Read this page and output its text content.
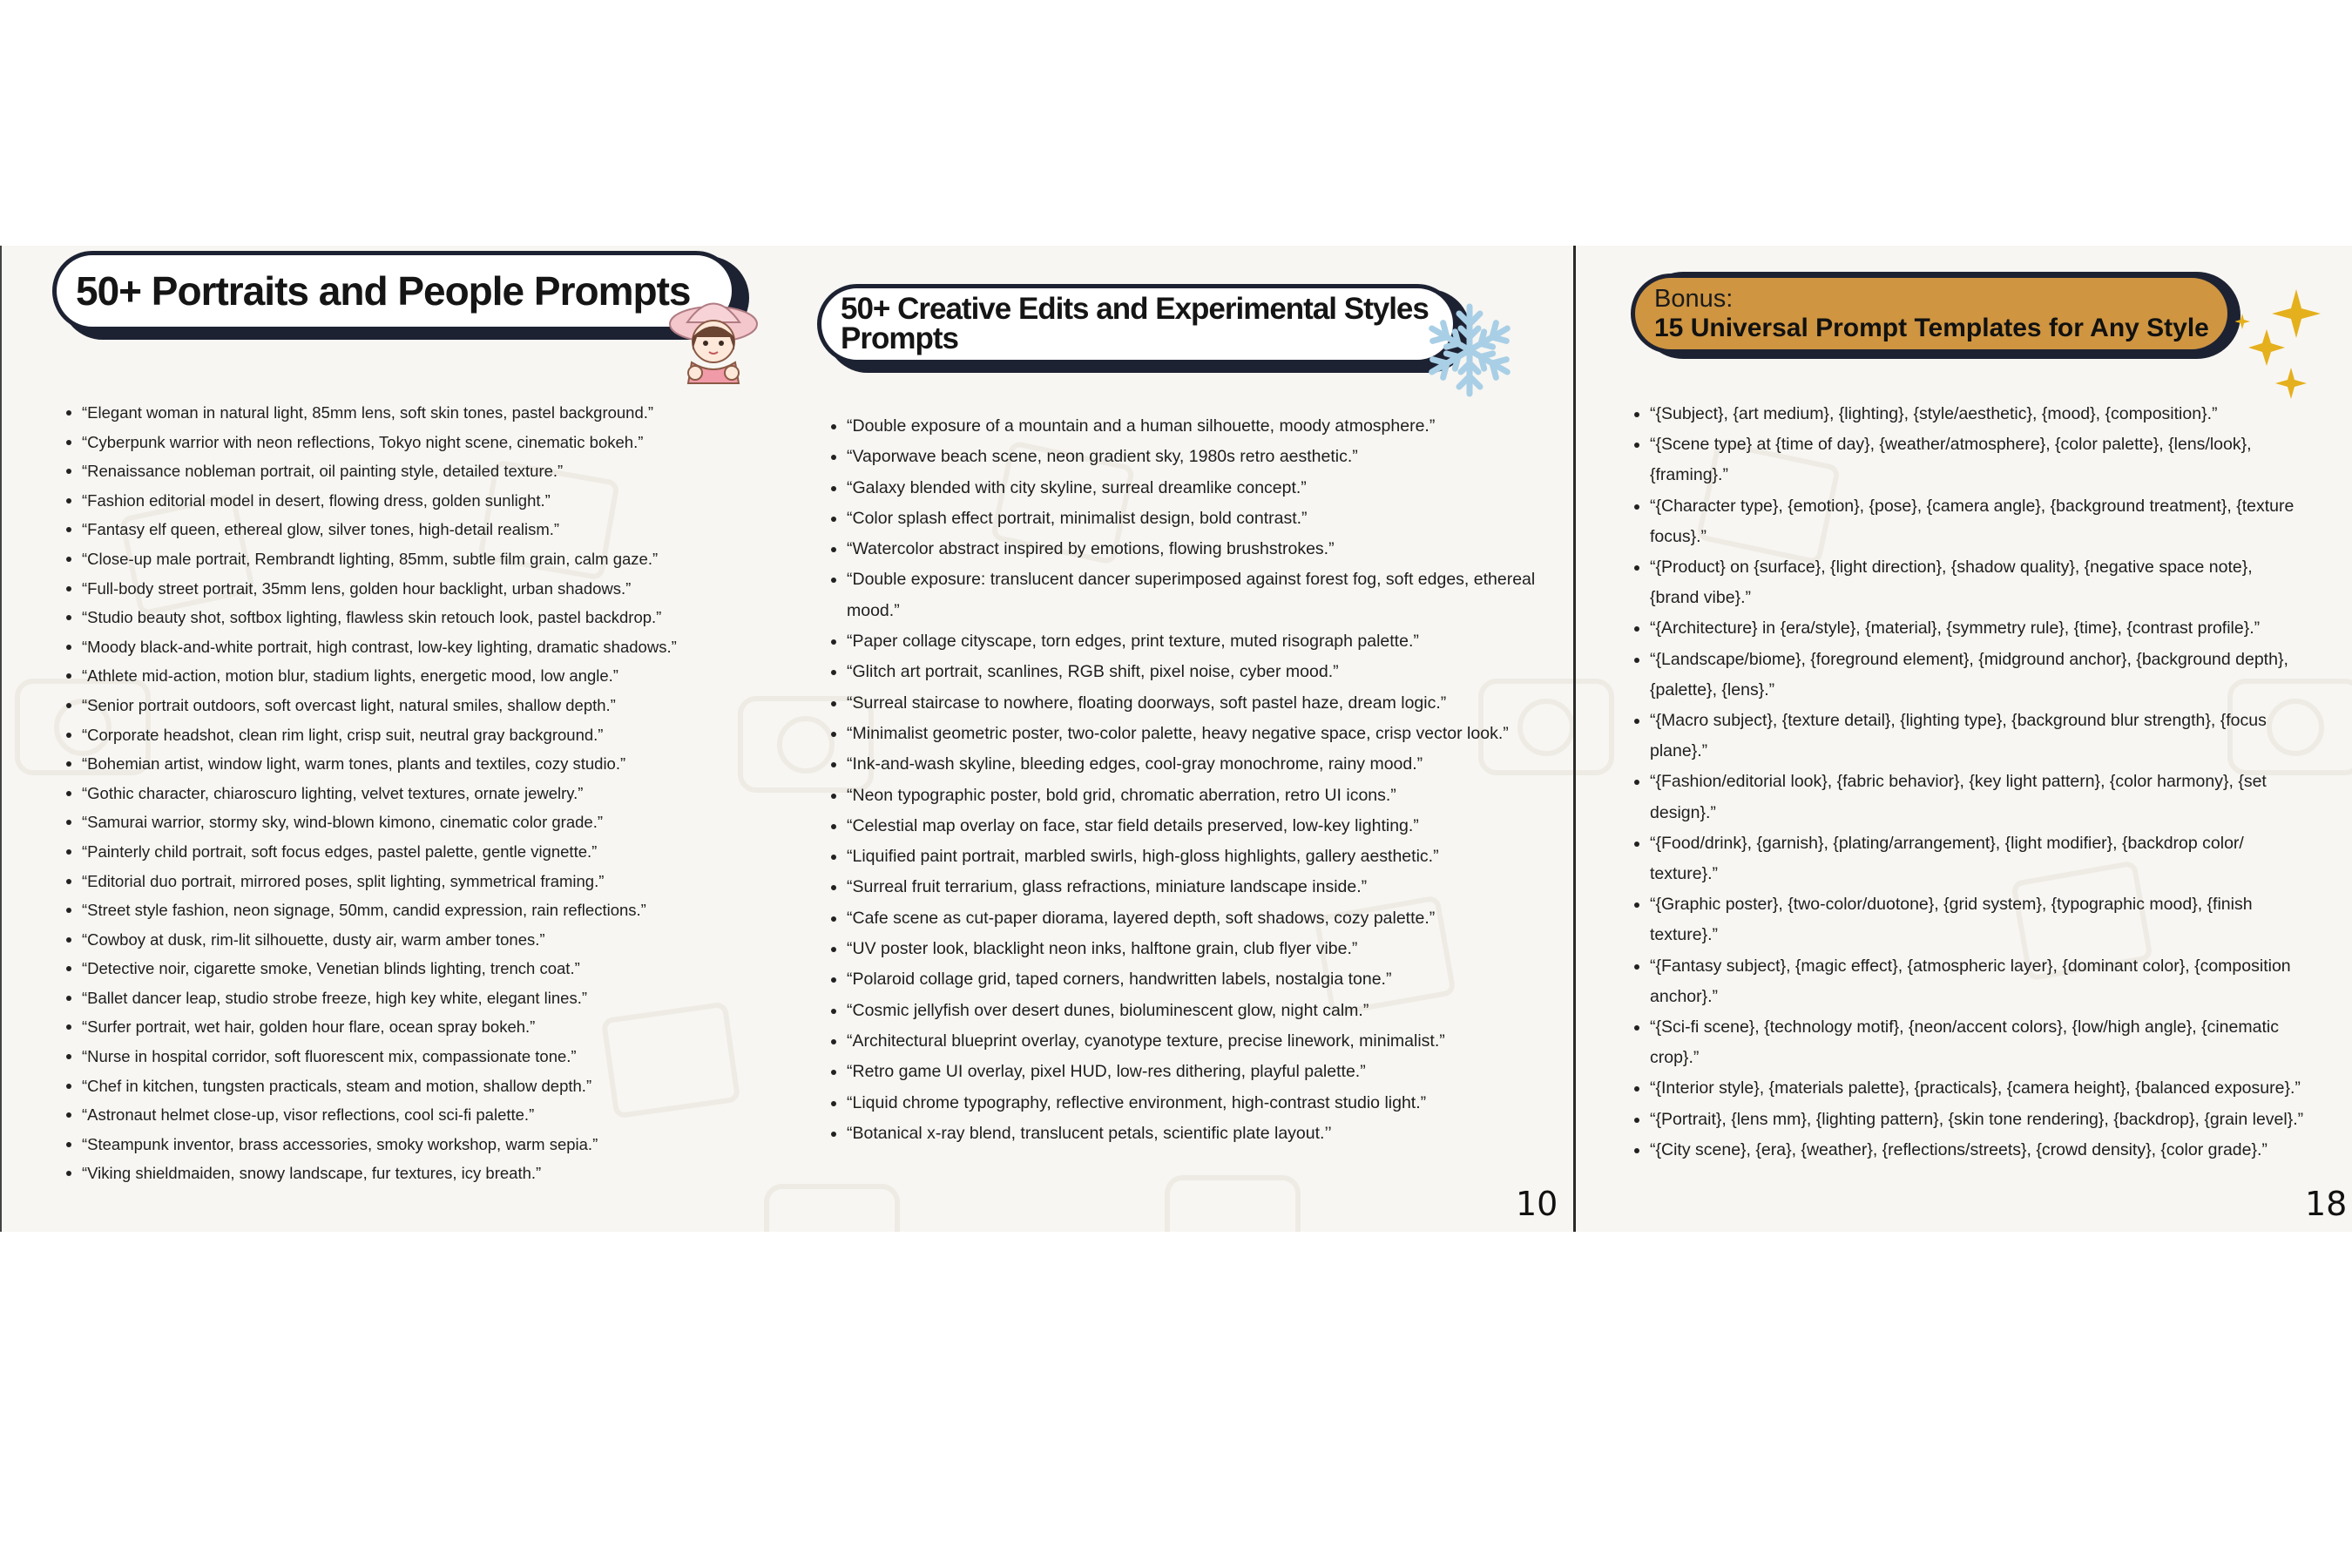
50+ Portraits and People Prompts
“Elegant woman in natural light, 85mm lens, soft skin tones, pastel background.”
“Cyberpunk warrior with neon reflections, Tokyo night scene, cinematic bokeh.”
“Renaissance nobleman portrait, oil painting style, detailed texture.”
“Fashion editorial model in desert, flowing dress, golden sunlight.”
“Fantasy elf queen, ethereal glow, silver tones, high-detail realism.”
“Close-up male portrait, Rembrandt lighting, 85mm, subtle film grain, calm gaze.”
“Full-body street portrait, 35mm lens, golden hour backlight, urban shadows.”
“Studio beauty shot, softbox lighting, flawless skin retouch look, pastel backdrop.”
“Moody black-and-white portrait, high contrast, low-key lighting, dramatic shadows.”
“Athlete mid-action, motion blur, stadium lights, energetic mood, low angle.”
“Senior portrait outdoors, soft overcast light, natural smiles, shallow depth.”
“Corporate headshot, clean rim light, crisp suit, neutral gray background.”
“Bohemian artist, window light, warm tones, plants and textiles, cozy studio.”
“Gothic character, chiaroscuro lighting, velvet textures, ornate jewelry.”
“Samurai warrior, stormy sky, wind-blown kimono, cinematic color grade.”
“Painterly child portrait, soft focus edges, pastel palette, gentle vignette.”
“Editorial duo portrait, mirrored poses, split lighting, symmetrical framing.”
“Street style fashion, neon signage, 50mm, candid expression, rain reflections.”
“Cowboy at dusk, rim-lit silhouette, dusty air, warm amber tones.”
“Detective noir, cigarette smoke, Venetian blinds lighting, trench coat.”
“Ballet dancer leap, studio strobe freeze, high key white, elegant lines.”
“Surfer portrait, wet hair, golden hour flare, ocean spray bokeh.”
“Nurse in hospital corridor, soft fluorescent mix, compassionate tone.”
“Chef in kitchen, tungsten practicals, steam and motion, shallow depth.”
“Astronaut helmet close-up, visor reflections, cool sci-fi palette.”
“Steampunk inventor, brass accessories, smoky workshop, warm sepia.”
“Viking shieldmaiden, snowy landscape, fur textures, icy breath.”
50+ Creative Edits and Experimental Styles
Prompts
“Double exposure of a mountain and a human silhouette, moody atmosphere.”
“Vaporwave beach scene, neon gradient sky, 1980s retro aesthetic.”
“Galaxy blended with city skyline, surreal dreamlike concept.”
“Color splash effect portrait, minimalist design, bold contrast.”
“Watercolor abstract inspired by emotions, flowing brushstrokes.”
“Double exposure: translucent dancer superimposed against forest fog, soft edges, ethereal mood.”
“Paper collage cityscape, torn edges, print texture, muted risograph palette.”
“Glitch art portrait, scanlines, RGB shift, pixel noise, cyber mood.”
“Surreal staircase to nowhere, floating doorways, soft pastel haze, dream logic.”
“Minimalist geometric poster, two-color palette, heavy negative space, crisp vector look.”
“Ink-and-wash skyline, bleeding edges, cool-gray monochrome, rainy mood.”
“Neon typographic poster, bold grid, chromatic aberration, retro UI icons.”
“Celestial map overlay on face, star field details preserved, low-key lighting.”
“Liquified paint portrait, marbled swirls, high-gloss highlights, gallery aesthetic.”
“Surreal fruit terrarium, glass refractions, miniature landscape inside.”
“Cafe scene as cut-paper diorama, layered depth, soft shadows, cozy palette.”
“UV poster look, blacklight neon inks, halftone grain, club flyer vibe.”
“Polaroid collage grid, taped corners, handwritten labels, nostalgia tone.”
“Cosmic jellyfish over desert dunes, bioluminescent glow, night calm.”
“Architectural blueprint overlay, cyanotype texture, precise linework, minimalist.”
“Retro game UI overlay, pixel HUD, low-res dithering, playful palette.”
“Liquid chrome typography, reflective environment, high-contrast studio light.”
“Botanical x-ray blend, translucent petals, scientific plate layout.’’
10
Bonus:
15 Universal Prompt Templates for Any Style
“{Subject}, {art medium}, {lighting}, {style/aesthetic}, {mood}, {composition}.”
“{Scene type} at {time of day}, {weather/atmosphere}, {color palette}, {lens/look}, {framing}.”
“{Character type}, {emotion}, {pose}, {camera angle}, {background treatment}, {texture focus}.”
“{Product} on {surface}, {light direction}, {shadow quality}, {negative space note}, {brand vibe}.”
“{Architecture} in {era/style}, {material}, {symmetry rule}, {time}, {contrast profile}.”
“{Landscape/biome}, {foreground element}, {midground anchor}, {background depth}, {palette}, {lens}.”
“{Macro subject}, {texture detail}, {lighting type}, {background blur strength}, {focus plane}.”
“{Fashion/editorial look}, {fabric behavior}, {key light pattern}, {color harmony}, {set design}.”
“{Food/drink}, {garnish}, {plating/arrangement}, {light modifier}, {backdrop color/ texture}.”
“{Graphic poster}, {two-color/duotone}, {grid system}, {typographic mood}, {finish texture}.”
“{Fantasy subject}, {magic effect}, {atmospheric layer}, {dominant color}, {composition anchor}.”
“{Sci-fi scene}, {technology motif}, {neon/accent colors}, {low/high angle}, {cinematic crop}.”
“{Interior style}, {materials palette}, {practicals}, {camera height}, {balanced exposure}.”
“{Portrait}, {lens mm}, {lighting pattern}, {skin tone rendering}, {backdrop}, {grain level}.”
“{City scene}, {era}, {weather}, {reflections/streets}, {crowd density}, {color grade}.”
18
